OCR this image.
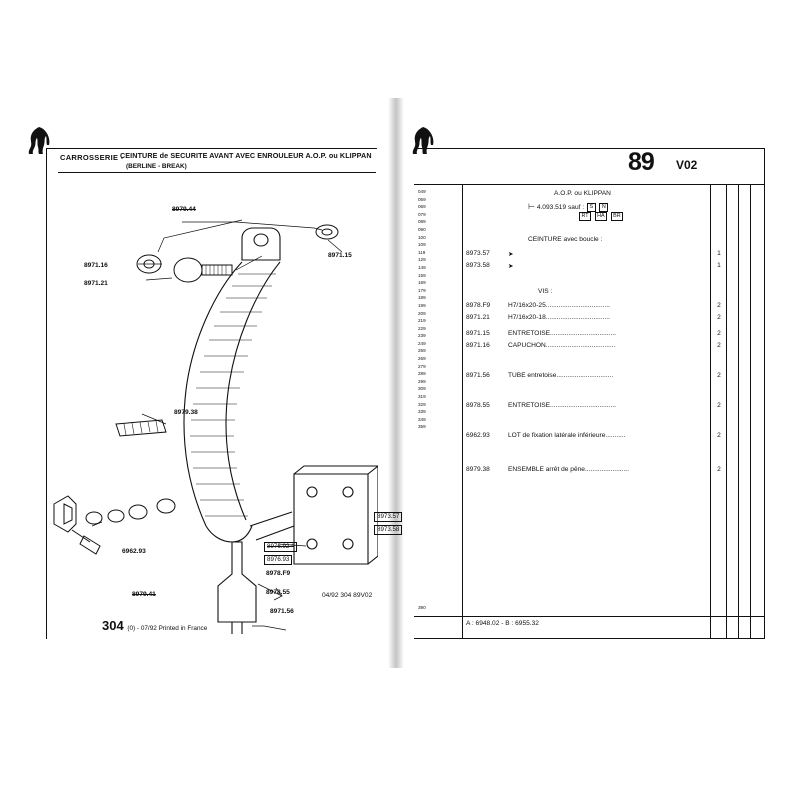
CARROSSERIE -
CEINTURE de SECURITE AVANT AVEC ENROULEUR A.O.P. ou KLIPPAN
(BERLINE - BREAK)
8979.44
8971.16
8971.21
8971.15
8979.38
6962.93
8973.57
8973.58
8976.92 *
8976.93
8978.F9
8979.41	8978.55
8971.56
04/92 304 89V02
304 (0) - 07/92 Printed in France
89 V02
A.O.P. ou KLIPPAN
⊢ 4.093.519 sauf : S N
RT HA BR
049
059
069
079
089
090
100
109
119
129
149
159
169
179
189
199
209
219
229
239
249
259
269
279
289
299
309
319
329
339
349
359
390
CEINTURE avec boucle :
8973.57	➤	1
8973.58	➤	1
VIS :
8978.F9	H7/16x20-25...................................	2
8971.21	H7/16x20-18...................................	2
8971.15	ENTRETOISE....................................	2
8971.16	CAPUCHON......................................	2
8971.56	TUBE entretoise...............................	2
8978.55	ENTRETOISE....................................	2
6962.93	LOT de fixation latérale inférieure...........	2
8979.38	ENSEMBLE arrêt de pêne........................	2
A : 6948.02 - B : 6955.32
